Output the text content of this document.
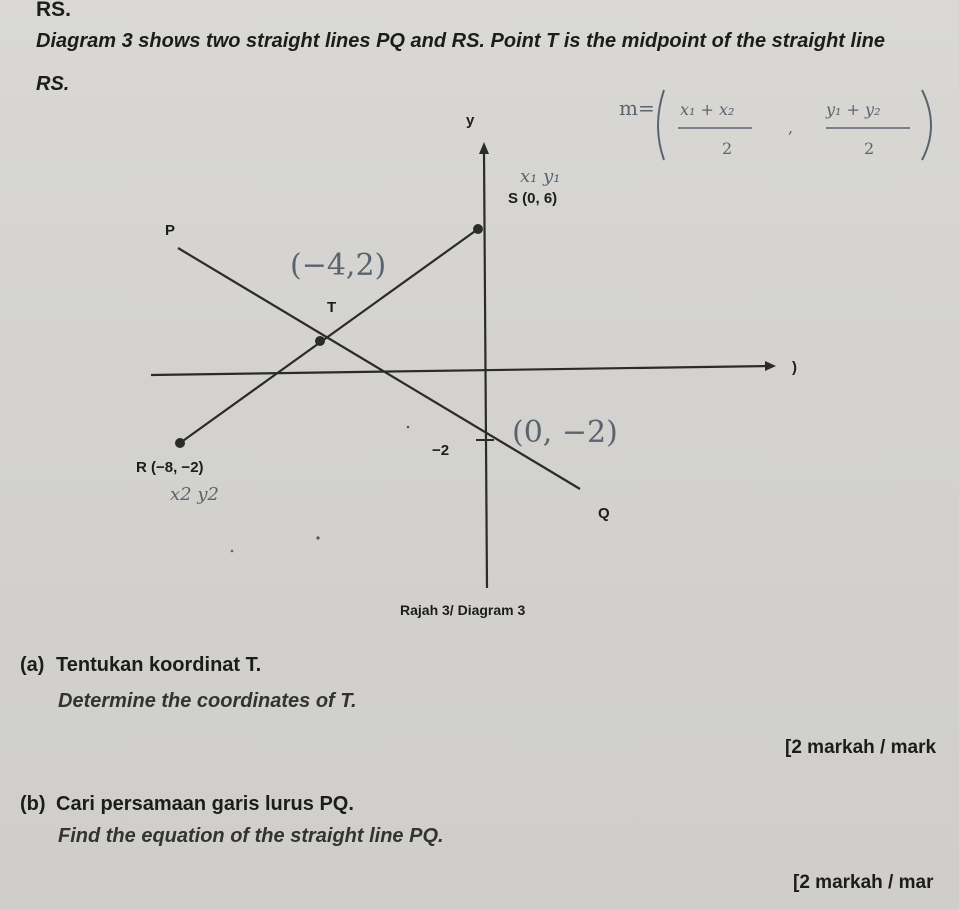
RS.

Diagram 3 shows two straight lines PQ and RS. Point T is the midpoint of the straight line

RS.

y
)
S (0, 6)
R (−8, −2)
T
P
Q
−2
Rajah 3/ Diagram 3
m= x₁ + x₂
2
,
y₁ + y₂
2
x₁ y₁
x2 y2
(−4,2)
(0, −2)

(a) Tentukan koordinat T.

Determine the coordinates of T.

[2 markah / mark

(b) Cari persamaan garis lurus PQ.

Find the equation of the straight line PQ.

[2 markah / mar
